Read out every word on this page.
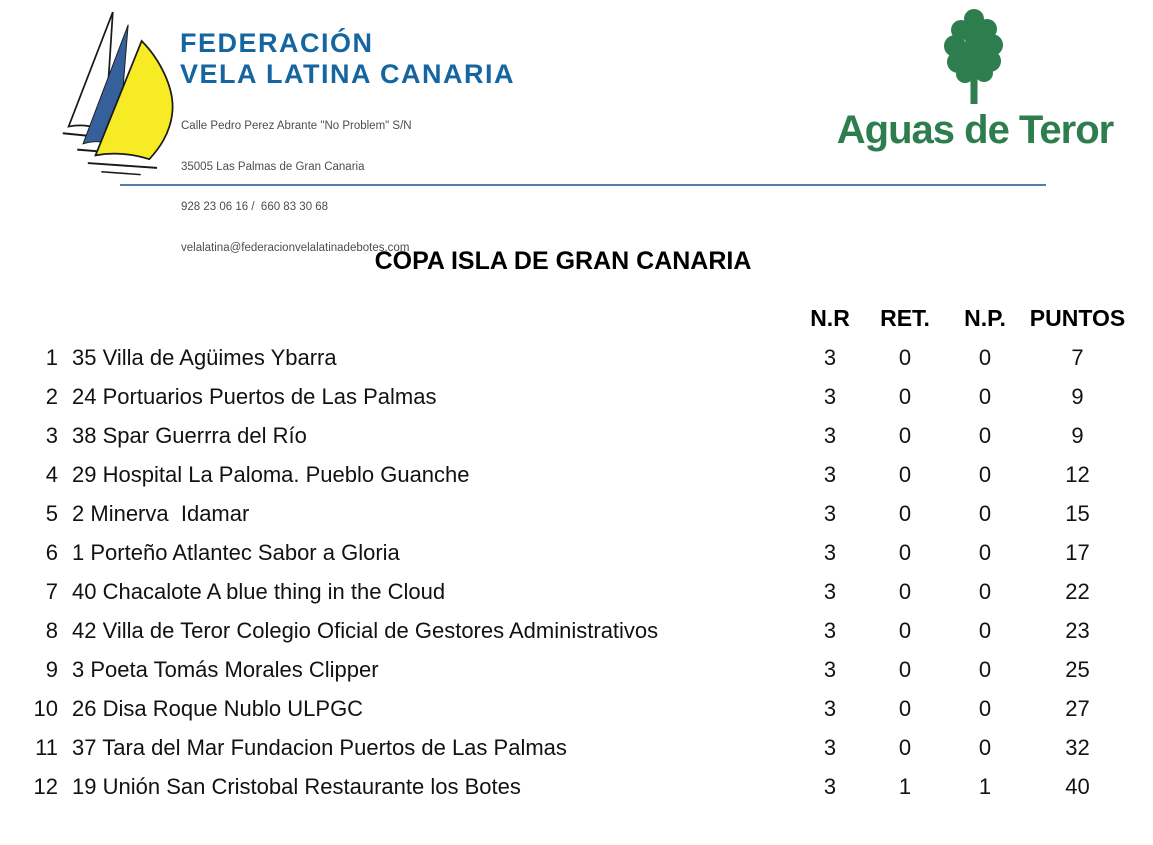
FEDERACIÓN
VELA LATINA CANARIA

Calle Pedro Perez Abrante "No Problem" S/N

35005 Las Palmas de Gran Canaria

928 23 06 16 /  660 83 30 68

velalatina@federacionvelalatinadebotes.com

Aguas de Teror
COPA ISLA DE GRAN CANARIA
		N.R	RET.	N.P.	PUNTOS
1	35 Villa de Agüimes Ybarra	3	0	0	7
2	24 Portuarios Puertos de Las Palmas	3	0	0	9
3	38 Spar Guerrra del Río	3	0	0	9
4	29 Hospital La Paloma. Pueblo Guanche	3	0	0	12
5	2 Minerva  Idamar	3	0	0	15
6	1 Porteño Atlantec Sabor a Gloria	3	0	0	17
7	40 Chacalote A blue thing in the Cloud	3	0	0	22
8	42 Villa de Teror Colegio Oficial de Gestores Administrativos	3	0	0	23
9	3 Poeta Tomás Morales Clipper	3	0	0	25
10	26 Disa Roque Nublo ULPGC	3	0	0	27
11	37 Tara del Mar Fundacion Puertos de Las Palmas	3	0	0	32
12	19 Unión San Cristobal Restaurante los Botes	3	1	1	40
